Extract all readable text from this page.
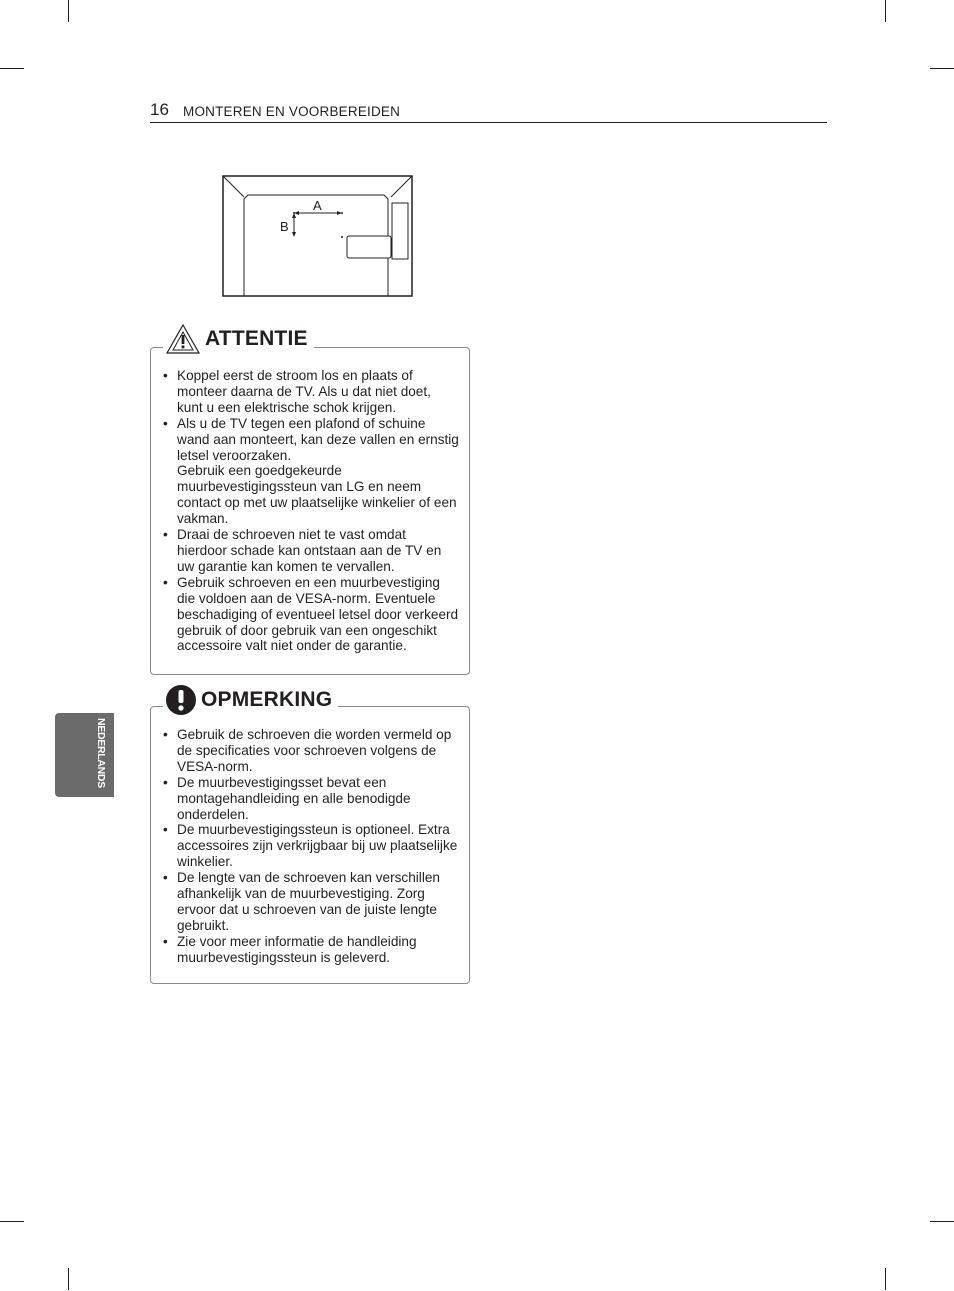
16 MONTEREN EN VOORBEREIDEN
A
B
ATTENTIE
• Koppel eerst de stroom los en plaats of monteer daarna de TV. Als u dat niet doet, kunt u een elektrische schok krijgen.
• Als u de TV tegen een plafond of schuine wand aan monteert, kan deze vallen en ernstig letsel veroorzaken.
Gebruik een goedgekeurde muurbevestigingssteun van LG en neem contact op met uw plaatselijke winkelier of een vakman.
• Draai de schroeven niet te vast omdat hierdoor schade kan ontstaan aan de TV en uw garantie kan komen te vervallen.
• Gebruik schroeven en een muurbevestiging die voldoen aan de VESA-norm. Eventuele beschadiging of eventueel letsel door verkeerd gebruik of door gebruik van een ongeschikt accessoire valt niet onder de garantie.
OPMERKING
• Gebruik de schroeven die worden vermeld op de specificaties voor schroeven volgens de VESA-norm.
• De muurbevestigingsset bevat een montagehandleiding en alle benodigde onderdelen.
• De muurbevestigingssteun is optioneel. Extra accessoires zijn verkrijgbaar bij uw plaatselijke winkelier.
• De lengte van de schroeven kan verschillen afhankelijk van de muurbevestiging. Zorg ervoor dat u schroeven van de juiste lengte gebruikt.
• Zie voor meer informatie de handleiding muurbevestigingssteun is geleverd.
NEDERLANDS
